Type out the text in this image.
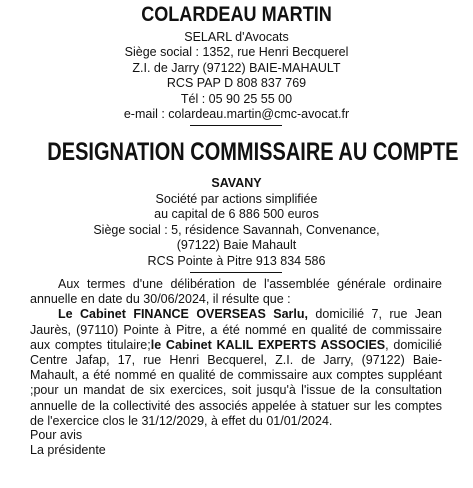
COLARDEAU MARTIN
SELARL d'Avocats
Siège social : 1352, rue Henri Becquerel
Z.I. de Jarry (97122) BAIE-MAHAULT
RCS PAP D 808 837 769
Tél : 05 90 25 55 00
e-mail : colardeau.martin@cmc-avocat.fr
DESIGNATION COMMISSAIRE AU COMPTE
SAVANY
Société par actions simplifiée
au capital de 6 886 500 euros
Siège social : 5, résidence Savannah, Convenance,
(97122) Baie Mahault
RCS Pointe à Pitre 913 834 586

Aux termes d'une délibération de l'assemblée générale ordinaire annuelle en date du 30/06/2024, il résulte que :

Le Cabinet FINANCE OVERSEAS Sarlu, domicilié 7, rue Jean Jaurès, (97110) Pointe à Pitre, a été nommé en qualité de commissaire aux comptes titulaire;le Cabinet KALIL EXPERTS ASSOCIES, domicilié Centre Jafap, 17, rue Henri Becquerel, Z.I. de Jarry, (97122) Baie-Mahault, a été nommé en qualité de commissaire aux comptes suppléant ;pour un mandat de six exercices, soit jusqu'à l'issue de la consultation annuelle de la collectivité des associés appelée à statuer sur les comptes de l'exercice clos le 31/12/2029, à effet du 01/01/2024.

Pour avis
La présidente
